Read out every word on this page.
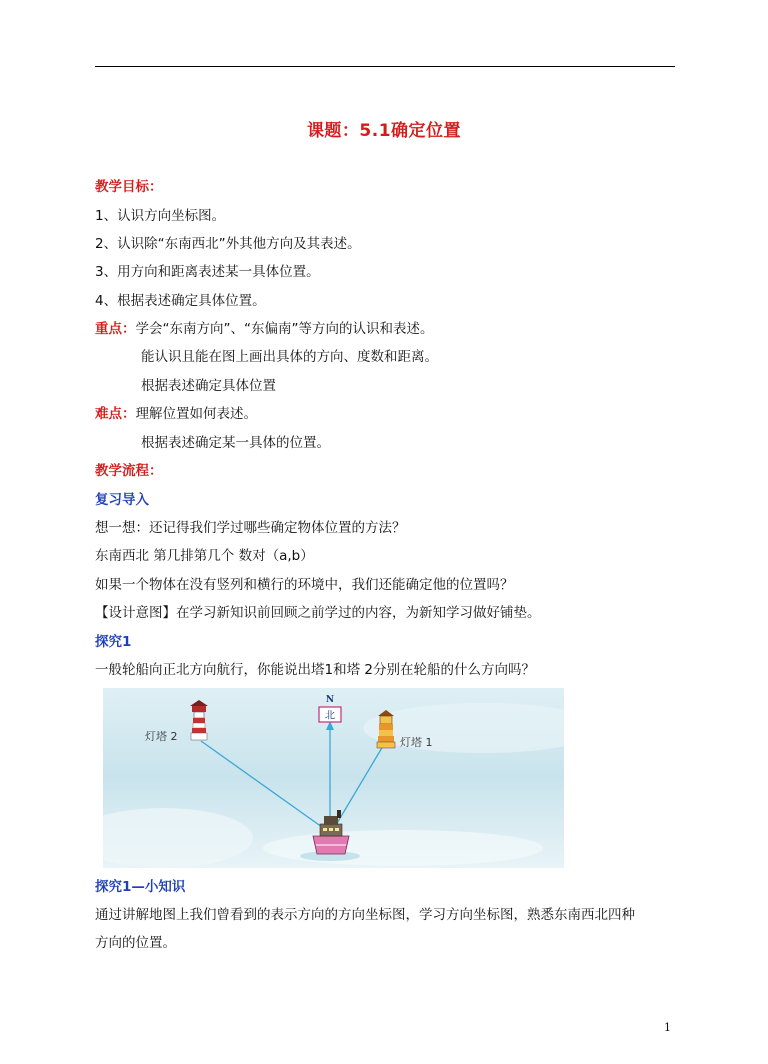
课题：5.1确定位置
教学目标：
1、认识方向坐标图。
2、认识除“东南西北”外其他方向及其表述。
3、用方向和距离表述某一具体位置。
4、根据表述确定具体位置。
重点：学会“东南方向”、“东偏南”等方向的认识和表述。
能认识且能在图上画出具体的方向、度数和距离。
根据表述确定具体位置
难点：理解位置如何表述。
根据表述确定某一具体的位置。
教学流程：
复习导入
想一想：还记得我们学过哪些确定物体位置的方法？
东南西北 第几排第几个 数对（a,b）
如果一个物体在没有竖列和横行的环境中，我们还能确定他的位置吗？
【设计意图】在学习新知识前回顾之前学过的内容，为新知学习做好铺垫。
探究1
一般轮船向正北方向航行，你能说出塔1和塔 2分别在轮船的什么方向吗？
N
北
灯塔 2	灯塔 1
探究1—小知识
通过讲解地图上我们曾看到的表示方向的方向坐标图，学习方向坐标图，熟悉东南西北四种
方向的位置。
1
